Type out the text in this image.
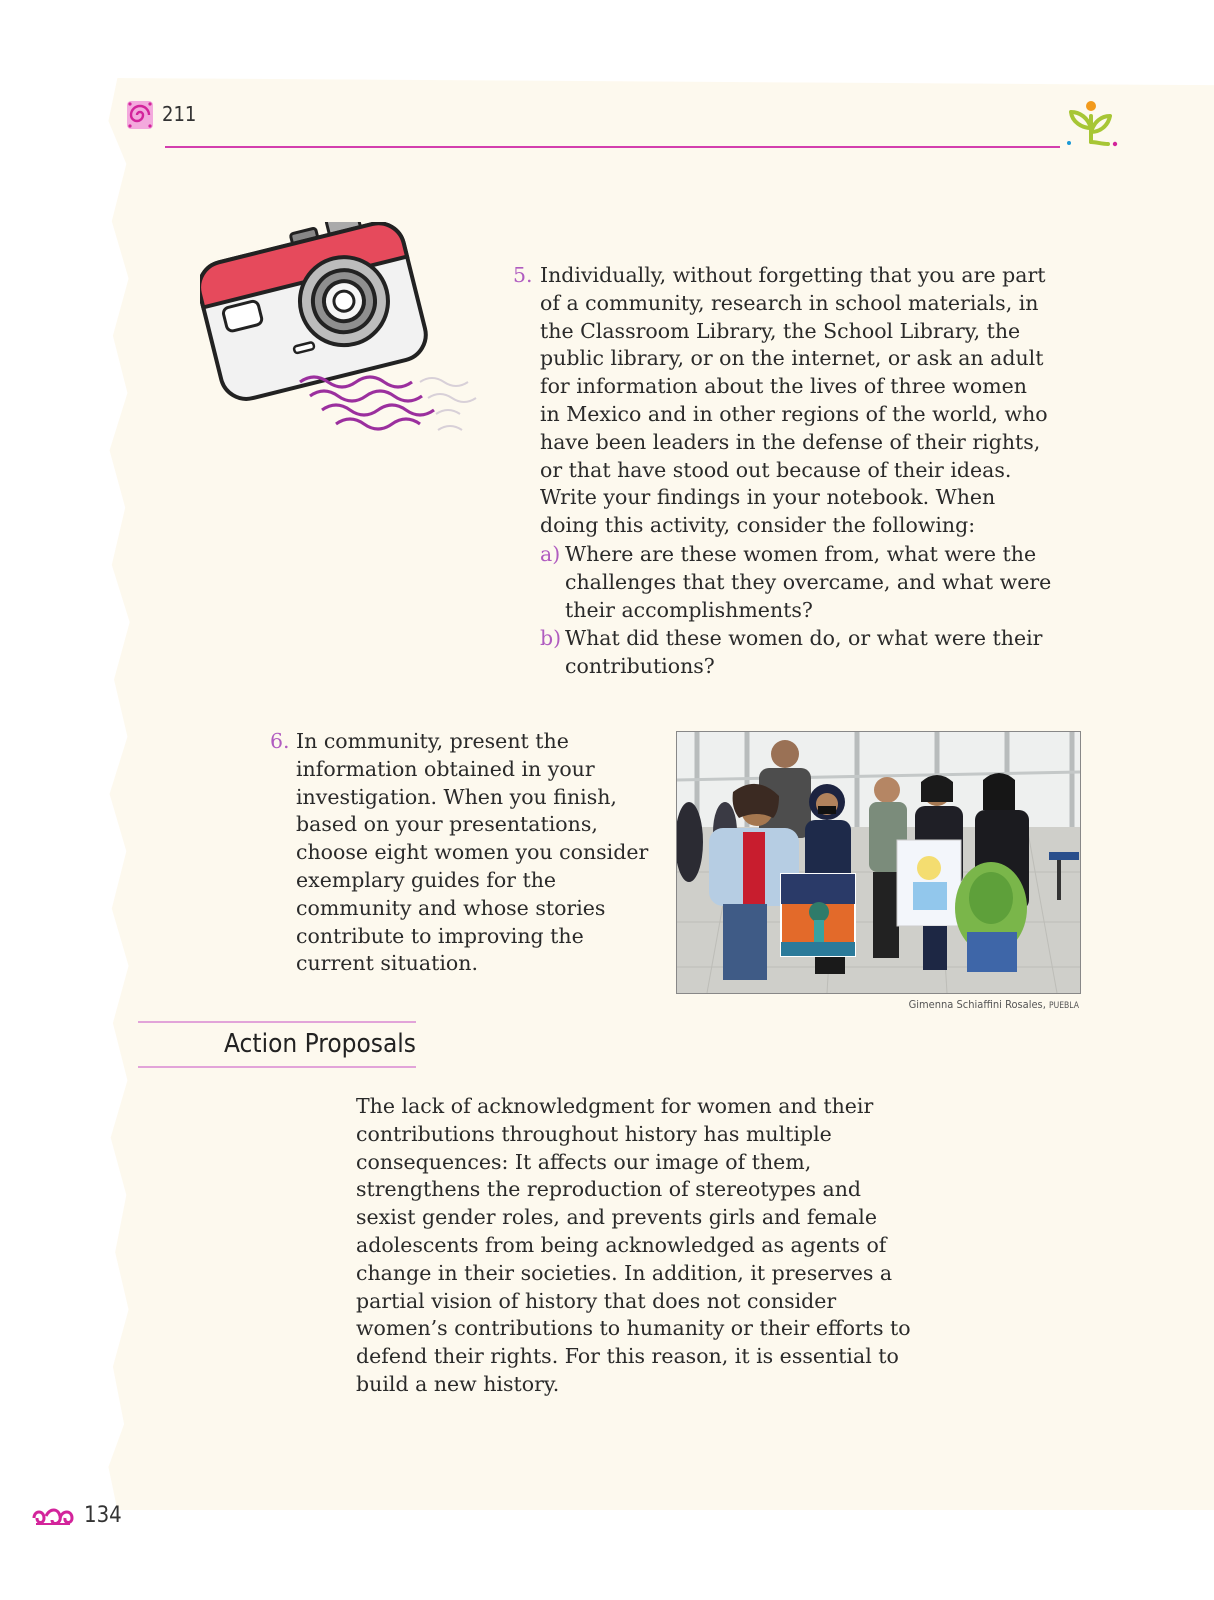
211
5. Individually, without forgetting that you are part of a community, research in school materials, in the Classroom Library, the School Library, the public library, or on the internet, or ask an adult for information about the lives of three women in Mexico and in other regions of the world, who have been leaders in the defense of their rights, or that have stood out because of their ideas. Write your findings in your notebook. When doing this activity, consider the following:
a) Where are these women from, what were the challenges that they overcame, and what were their accomplishments?
b) What did these women do, or what were their contributions?
6. In community, present the information obtained in your investigation. When you finish, based on your presentations, choose eight women you consider exemplary guides for the community and whose stories contribute to improving the current situation.
Gimenna Schiaffini Rosales, PUEBLA
Action Proposals
The lack of acknowledgment for women and their contributions throughout history has multiple consequences: It affects our image of them, strengthens the reproduction of stereotypes and sexist gender roles, and prevents girls and female adolescents from being acknowledged as agents of change in their societies. In addition, it preserves a partial vision of history that does not consider women’s contributions to humanity or their efforts to defend their rights. For this reason, it is essential to build a new history.
134
